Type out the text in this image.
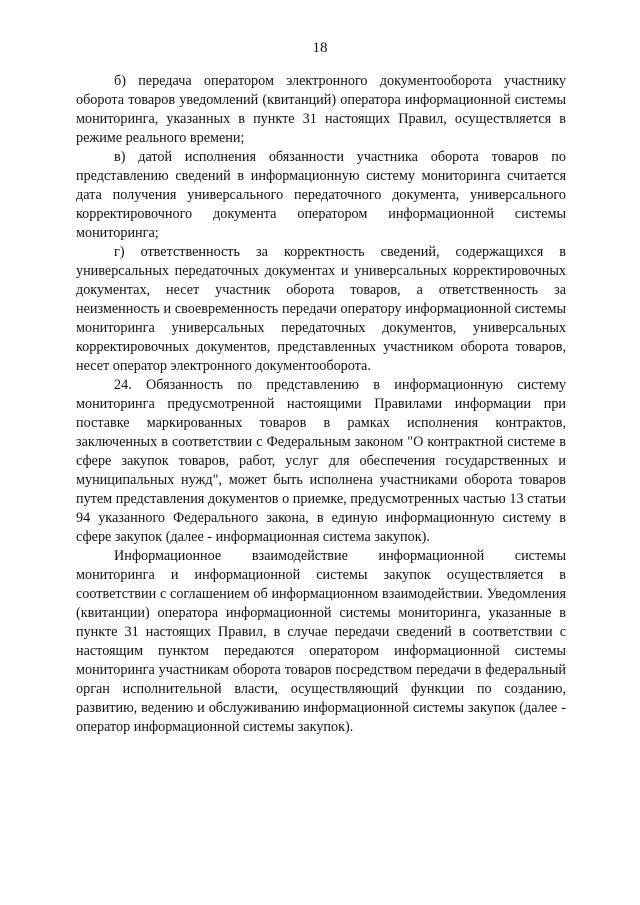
18

б) передача оператором электронного документооборота участнику оборота товаров уведомлений (квитанций) оператора информационной системы мониторинга, указанных в пункте 31 настоящих Правил, осуществляется в режиме реального времени;

в) датой исполнения обязанности участника оборота товаров по представлению сведений в информационную систему мониторинга считается дата получения универсального передаточного документа, универсального корректировочного документа оператором информационной системы мониторинга;

г) ответственность за корректность сведений, содержащихся в универсальных передаточных документах и универсальных корректировочных документах, несет участник оборота товаров, а ответственность за неизменность и своевременность передачи оператору информационной системы мониторинга универсальных передаточных документов, универсальных корректировочных документов, представленных участником оборота товаров, несет оператор электронного документооборота.

24. Обязанность по представлению в информационную систему мониторинга предусмотренной настоящими Правилами информации при поставке маркированных товаров в рамках исполнения контрактов, заключенных в соответствии с Федеральным законом "О контрактной системе в сфере закупок товаров, работ, услуг для обеспечения государственных и муниципальных нужд", может быть исполнена участниками оборота товаров путем представления документов о приемке, предусмотренных частью 13 статьи 94 указанного Федерального закона, в единую информационную систему в сфере закупок (далее - информационная система закупок).

Информационное взаимодействие информационной системы мониторинга и информационной системы закупок осуществляется в соответствии с соглашением об информационном взаимодействии. Уведомления (квитанции) оператора информационной системы мониторинга, указанные в пункте 31 настоящих Правил, в случае передачи сведений в соответствии с настоящим пунктом передаются оператором информационной системы мониторинга участникам оборота товаров посредством передачи в федеральный орган исполнительной власти, осуществляющий функции по созданию, развитию, ведению и обслуживанию информационной системы закупок (далее - оператор информационной системы закупок).
